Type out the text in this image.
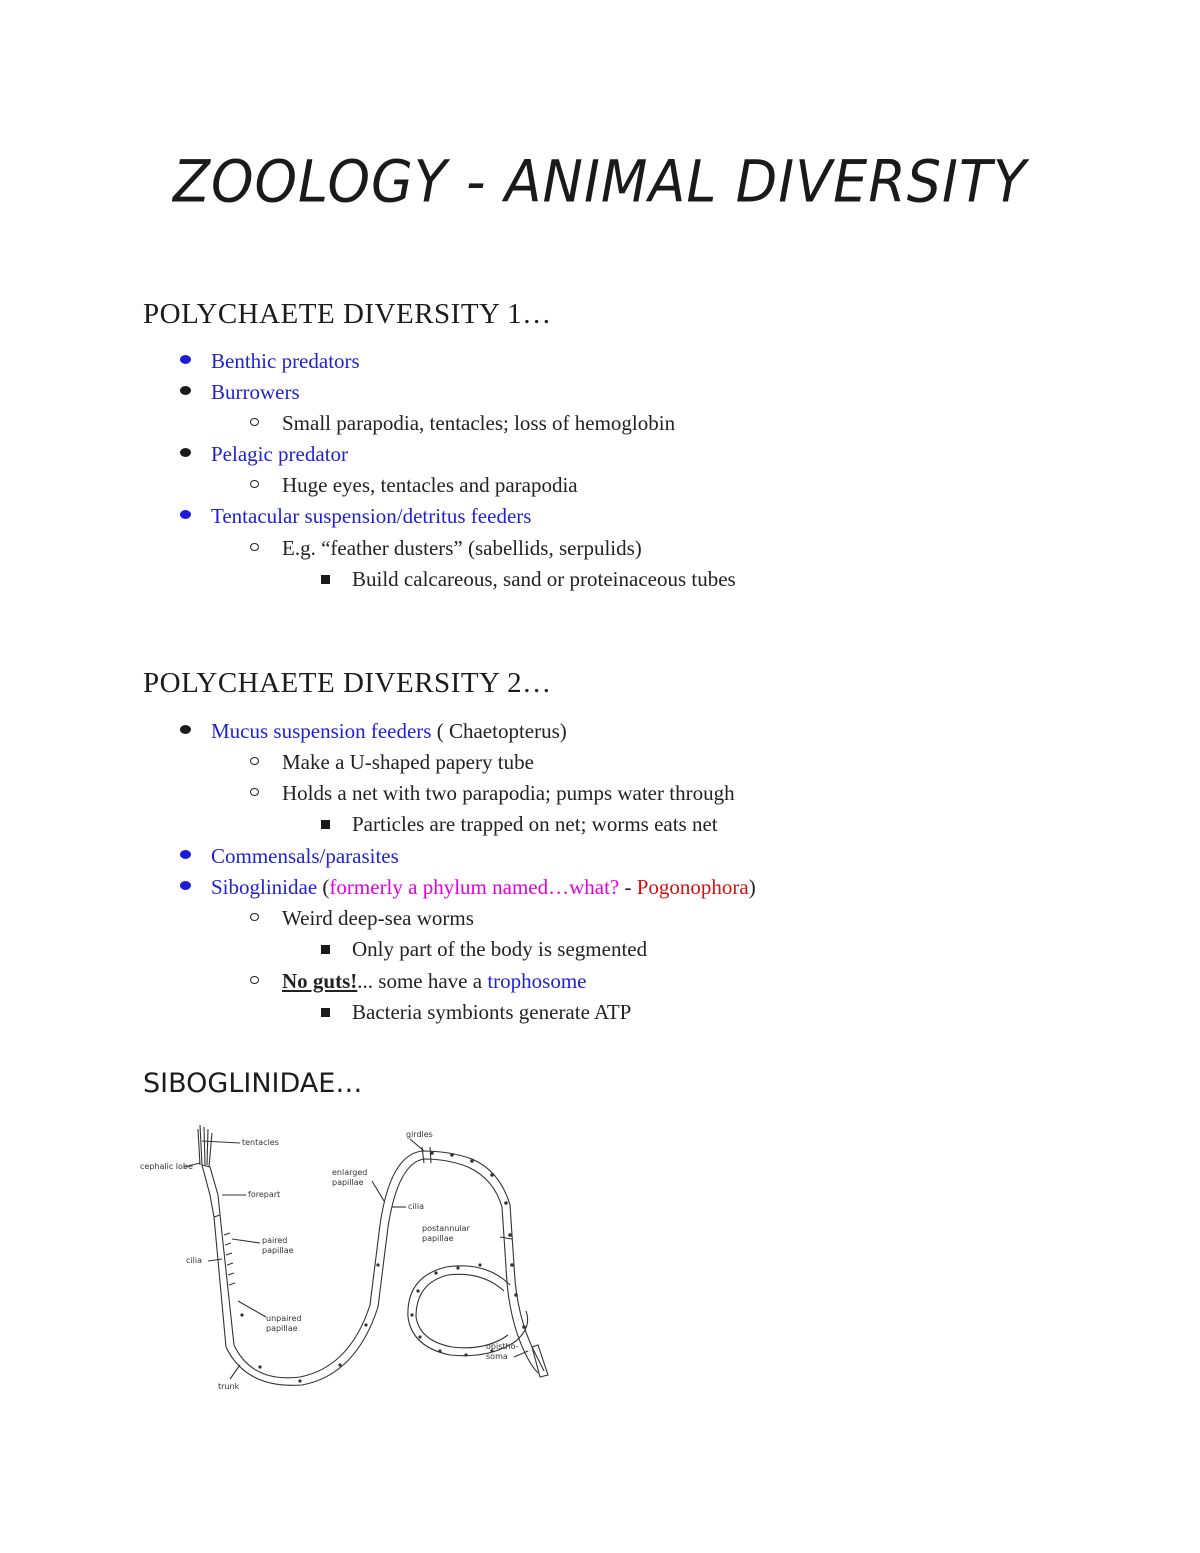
ZOOLOGY - ANIMAL DIVERSITY
POLYCHAETE DIVERSITY 1…
Benthic predators
Burrowers
Small parapodia, tentacles; loss of hemoglobin
Pelagic predator
Huge eyes, tentacles and parapodia
Tentacular suspension/detritus feeders
E.g. “feather dusters” (sabellids, serpulids)
Build calcareous, sand or proteinaceous tubes
POLYCHAETE DIVERSITY 2…
Mucus suspension feeders ( Chaetopterus)
Make a U-shaped papery tube
Holds a net with two parapodia; pumps water through
Particles are trapped on net; worms eats net
Commensals/parasites
Siboglinidae (formerly a phylum named…what? - Pogonophora)
Weird deep-sea worms
Only part of the body is segmented
No guts!... some have a trophosome
Bacteria symbionts generate ATP
SIBOGLINIDAE…
tentacles
cephalic lobe
forepart
cilia
paired
papillae
unpaired
papillae
trunk
girdles
enlarged
papillae
cilia
postannular
papillae
opistho-
soma
